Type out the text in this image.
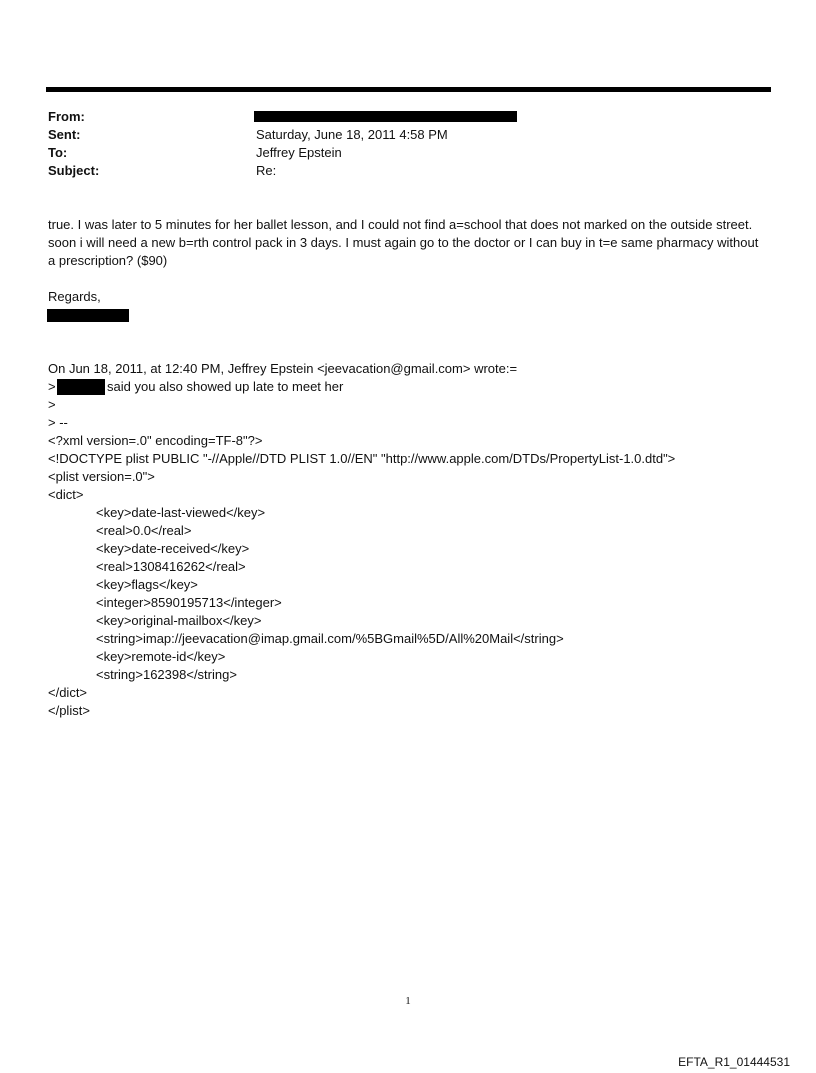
From:
Sent:	Saturday, June 18, 2011 4:58 PM
To:	Jeffrey Epstein
Subject:	Re:
true. I was later to 5 minutes for her ballet lesson, and I could not find a=school that does not marked on the outside street. soon i will need a new b=rth control pack in 3 days. I must again go to the doctor or I can buy in t=e same pharmacy without a prescription? ($90)
Regards,
On Jun 18, 2011, at 12:40 PM, Jeffrey Epstein <jeevacation@gmail.com> wrote:=
>	said you also showed up late to meet her
>
> --
<?xml version=.0" encoding=TF-8"?>
<!DOCTYPE plist PUBLIC "-//Apple//DTD PLIST 1.0//EN" "http://www.apple.com/DTDs/PropertyList-1.0.dtd">
<plist version=.0">
<dict>
<key>date-last-viewed</key>
<real>0.0</real>
<key>date-received</key>
<real>1308416262</real>
<key>flags</key>
<integer>8590195713</integer>
<key>original-mailbox</key>
<string>imap://jeevacation@imap.gmail.com/%5BGmail%5D/All%20Mail</string>
<key>remote-id</key>
<string>162398</string>
</dict>
</plist>
1
EFTA_R1_01444531
